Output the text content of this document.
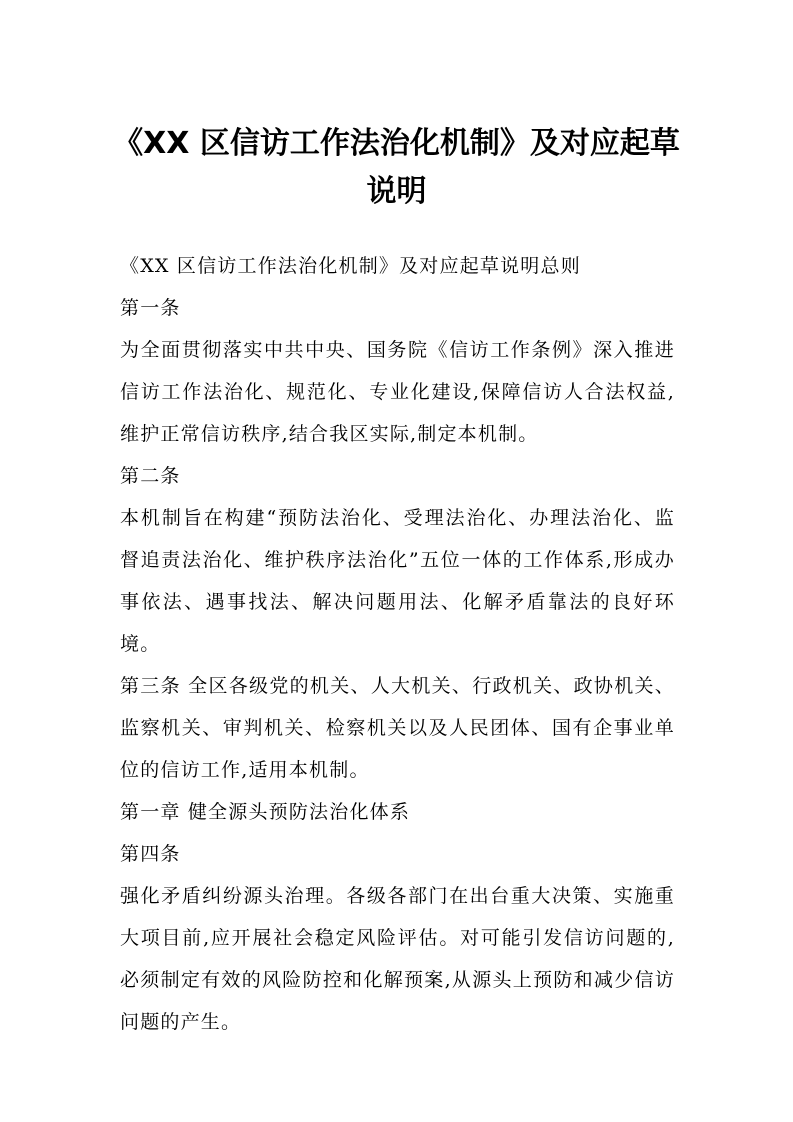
《XX 区信访工作法治化机制》及对应起草
说明

《XX 区信访工作法治化机制》及对应起草说明总则

第一条

为全面贯彻落实中共中央、国务院《信访工作条例》深入推进信访工作法治化、规范化、专业化建设,保障信访人合法权益,维护正常信访秩序,结合我区实际,制定本机制。

第二条

本机制旨在构建“预防法治化、受理法治化、办理法治化、监督追责法治化、维护秩序法治化”五位一体的工作体系,形成办事依法、遇事找法、解决问题用法、化解矛盾靠法的良好环境。

第三条 全区各级党的机关、人大机关、行政机关、政协机关、监察机关、审判机关、检察机关以及人民团体、国有企事业单位的信访工作,适用本机制。

第一章 健全源头预防法治化体系

第四条

强化矛盾纠纷源头治理。各级各部门在出台重大决策、实施重大项目前,应开展社会稳定风险评估。对可能引发信访问题的,必须制定有效的风险防控和化解预案,从源头上预防和减少信访问题的产生。
